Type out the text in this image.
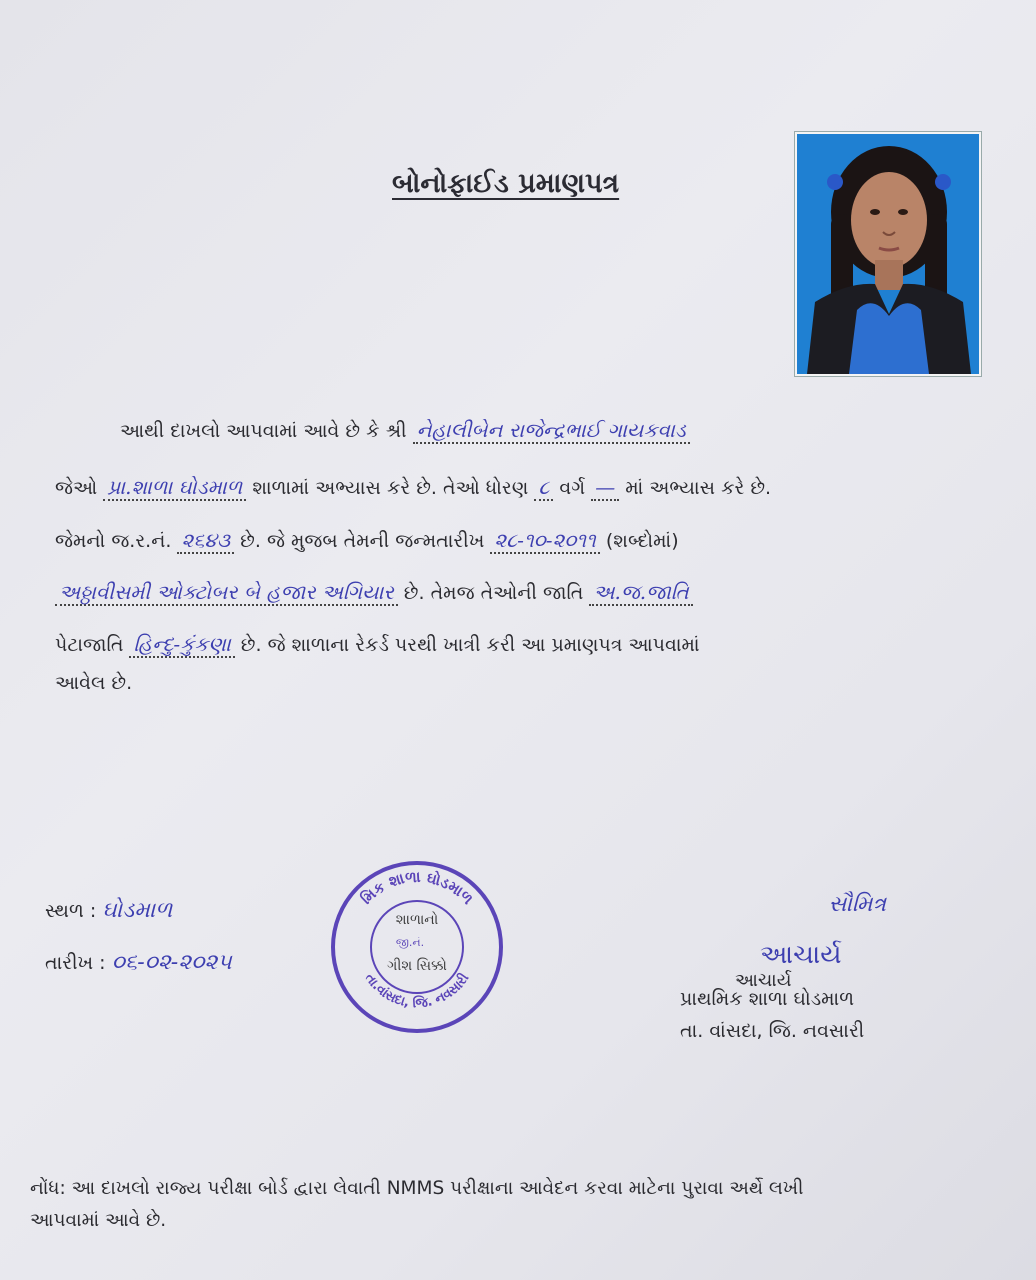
બોનોફાઈડ પ્રમાણપત્ર
આથી દાખલો આપવામાં આવે છે કે શ્રી નેહાલીબેન રાજેન્દ્રભાઈ ગાયકવાડ
જેઓ પ્રા.શાળા ઘોડમાળ શાળામાં અભ્યાસ કરે છે. તેઓ ધોરણ ૮ વર્ગ — માં અભ્યાસ કરે છે.
જેમનો જ.ર.નં. ૨૬૪૩ છે. જે મુજબ તેમની જન્મતારીખ ૨૮-૧૦-૨૦૧૧ (શબ્દોમાં)
અઠ્ઠાવીસમી ઓક્ટોબર બે હજાર અગિયાર છે. તેમજ તેઓની જાતિ અ.જ.જાતિ
પેટાજાતિ હિન્દુ-કુંકણા છે. જે શાળાના રેકર્ડ પરથી ખાત્રી કરી આ પ્રમાણપત્ર આપવામાં
આવેલ છે.
સ્થળ : ઘોડમાળ
તારીખ : ૦૬-૦૨-૨૦૨૫
મિક શાળા ઘોડમાળ
તા.વાંસદા, જિ. નવસારી
શાળાનો
જી.નં.
ગીશ સિક્કો
સૌમિત્ર
આચાર્ય
આચાર્ય
પ્રાથમિક શાળા ઘોડમાળ
તા. વાંસદા, જિ. નવસારી
નોંધ: આ દાખલો રાજ્ય પરીક્ષા બોર્ડ દ્વારા લેવાતી NMMS પરીક્ષાના આવેદન કરવા માટેના પુરાવા અર્થે લખી
આપવામાં આવે છે.
